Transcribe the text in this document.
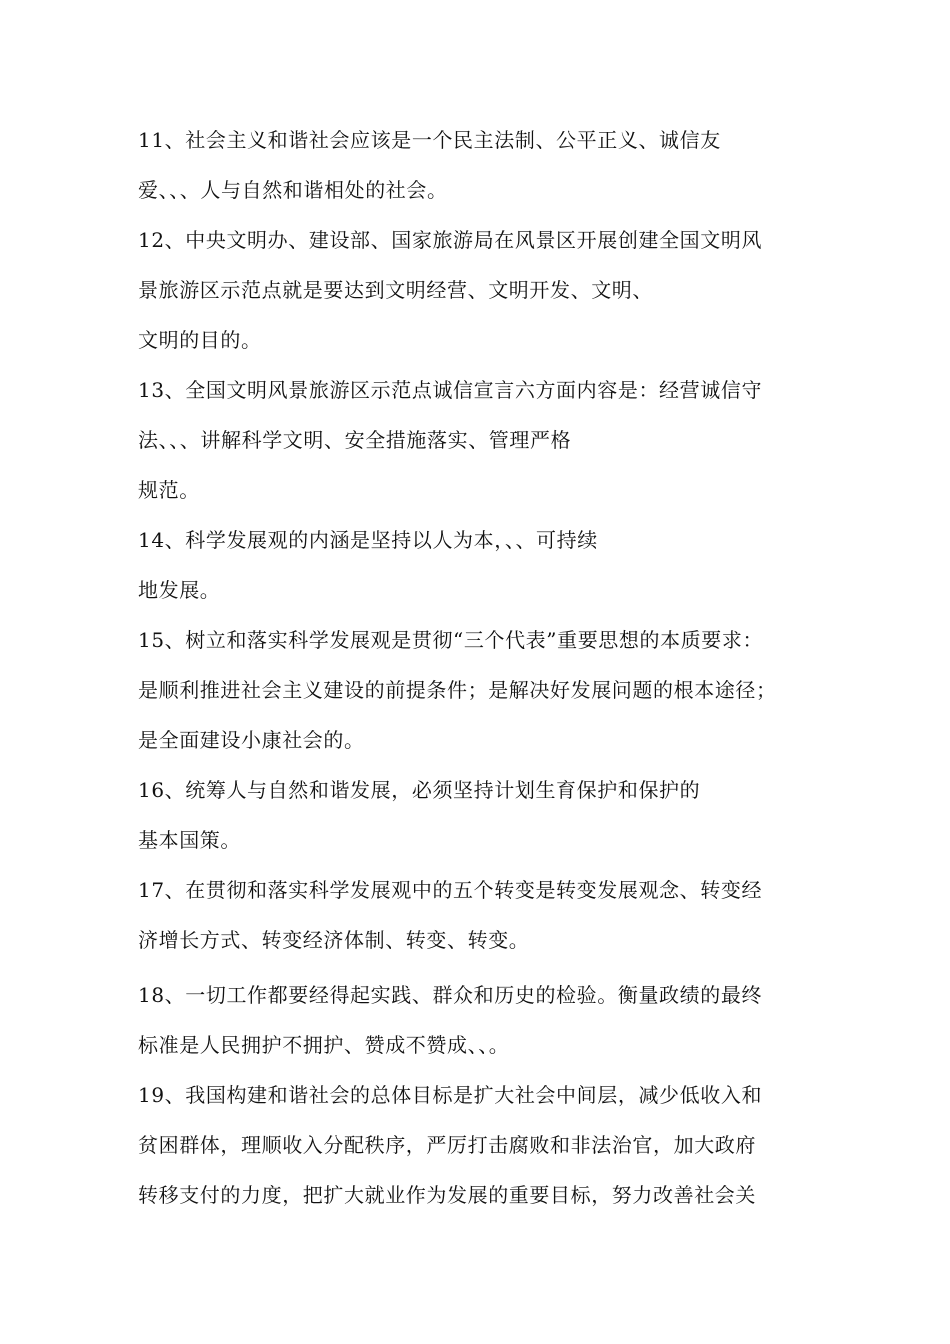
11、社会主义和谐社会应该是一个民主法制、公平正义、诚信友
爱、、、人与自然和谐相处的社会。
12、中央文明办、建设部、国家旅游局在风景区开展创建全国文明风
景旅游区示范点就是要达到文明经营、文明开发、文明、
文明的目的。
13、全国文明风景旅游区示范点诚信宣言六方面内容是：经营诚信守
法、、、讲解科学文明、安全措施落实、管理严格
规范。
14、科学发展观的内涵是坚持以人为本，、、可持续
地发展。
15、树立和落实科学发展观是贯彻“三个代表”重要思想的本质要求：
是顺利推进社会主义建设的前提条件；是解决好发展问题的根本途径；
是全面建设小康社会的。
16、统筹人与自然和谐发展，必须坚持计划生育保护和保护的
基本国策。
17、在贯彻和落实科学发展观中的五个转变是转变发展观念、转变经
济增长方式、转变经济体制、转变、转变。
18、一切工作都要经得起实践、群众和历史的检验。衡量政绩的最终
标准是人民拥护不拥护、赞成不赞成、、。
19、我国构建和谐社会的总体目标是扩大社会中间层，减少低收入和
贫困群体，理顺收入分配秩序，严厉打击腐败和非法治官，加大政府
转移支付的力度，把扩大就业作为发展的重要目标，努力改善社会关
